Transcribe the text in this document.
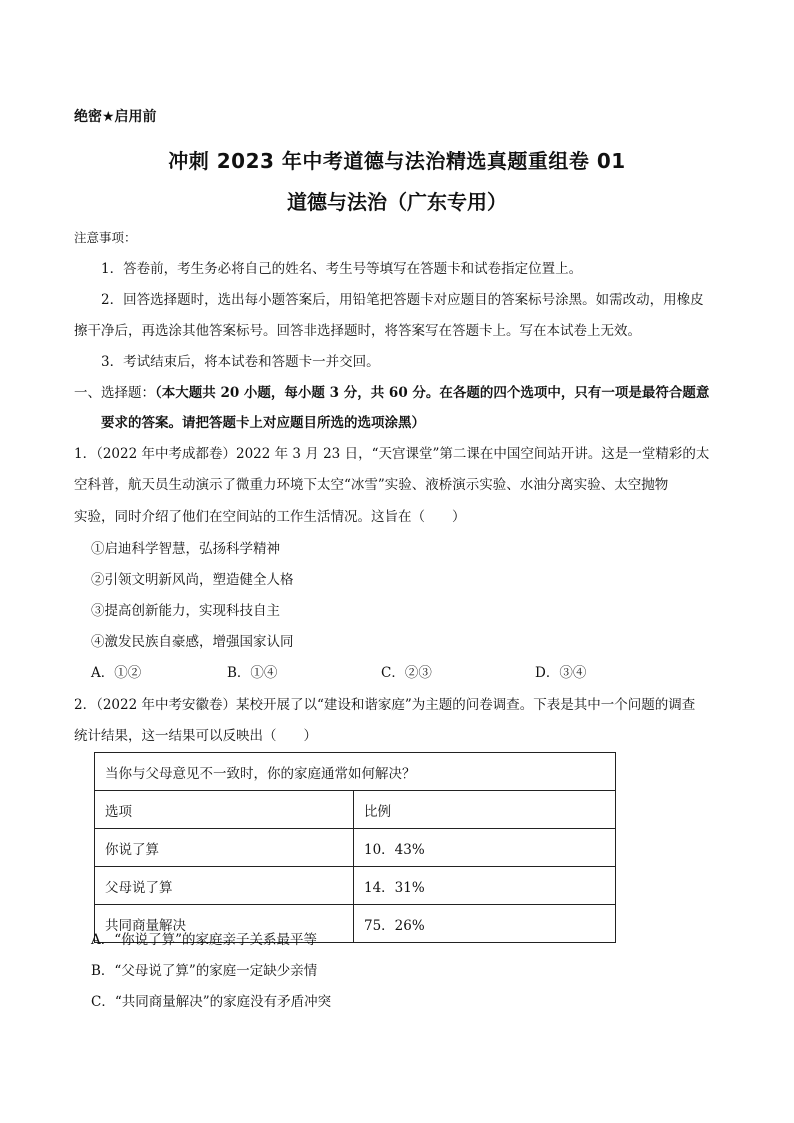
绝密★启用前
冲刺 2023 年中考道德与法治精选真题重组卷 01
道德与法治（广东专用）
注意事项：
1．答卷前，考生务必将自己的姓名、考生号等填写在答题卡和试卷指定位置上。
2．回答选择题时，选出每小题答案后，用铅笔把答题卡对应题目的答案标号涂黑。如需改动，用橡皮
擦干净后，再选涂其他答案标号。回答非选择题时，将答案写在答题卡上。写在本试卷上无效。
3．考试结束后，将本试卷和答题卡一并交回。
一、选择题：（本大题共 20 小题，每小题 3 分，共 60 分。在各题的四个选项中，只有一项是最符合题意
要求的答案。请把答题卡上对应题目所选的选项涂黑）
1．（2022 年中考成都卷）2022 年 3 月 23 日，“天宫课堂”第二课在中国空间站开讲。这是一堂精彩的太
空科普，航天员生动演示了微重力环境下太空“冰雪”实验、液桥演示实验、水油分离实验、太空抛物
实验，同时介绍了他们在空间站的工作生活情况。这旨在（　　）
①启迪科学智慧，弘扬科学精神
②引领文明新风尚，塑造健全人格
③提高创新能力，实现科技自主
④激发民族自豪感，增强国家认同
A．①②	B．①④	C．②③	D．③④
2．（2022 年中考安徽卷）某校开展了以“建设和谐家庭”为主题的问卷调查。下表是其中一个问题的调查
统计结果，这一结果可以反映出（　　）
当你与父母意见不一致时，你的家庭通常如何解决？	
选项	比例
你说了算	10．43%
父母说了算	14．31%
共同商量解决	75．26%
A．“你说了算”的家庭亲子关系最平等
B．“父母说了算”的家庭一定缺少亲情
C．“共同商量解决”的家庭没有矛盾冲突
